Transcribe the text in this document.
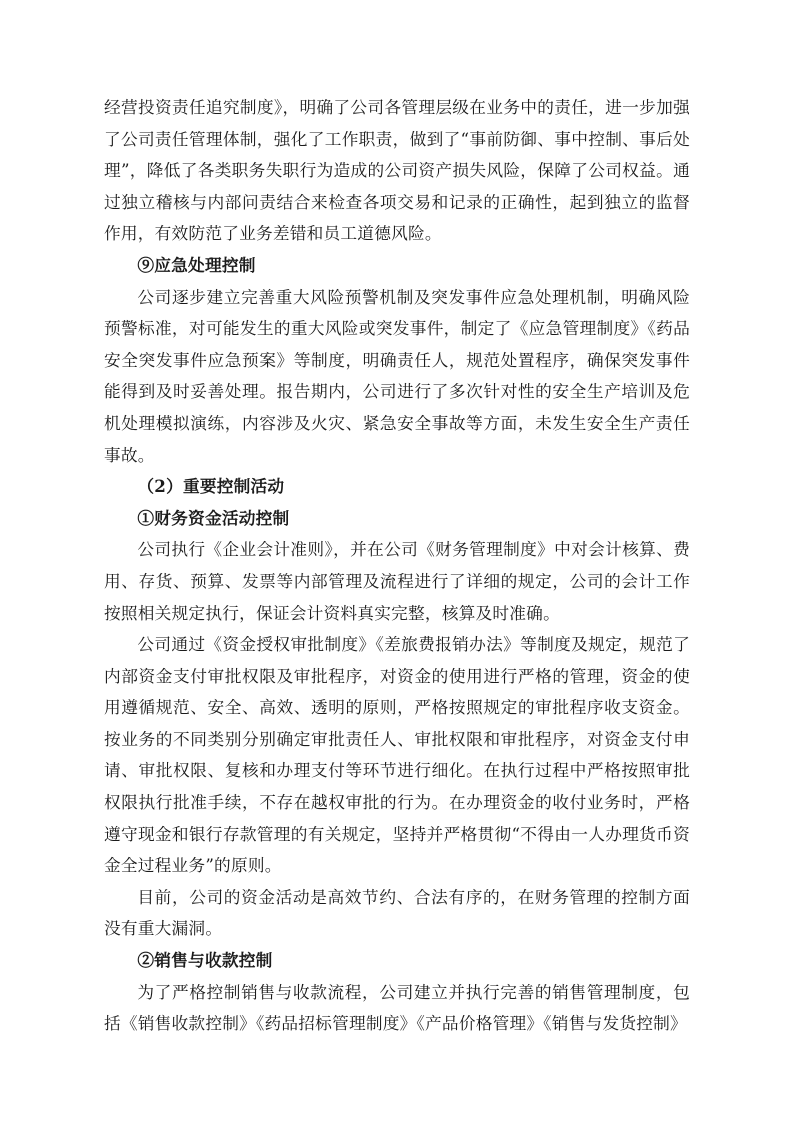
经营投资责任追究制度》，明确了公司各管理层级在业务中的责任，进一步加强了公司责任管理体制，强化了工作职责，做到了“事前防御、事中控制、事后处理”，降低了各类职务失职行为造成的公司资产损失风险，保障了公司权益。通过独立稽核与内部问责结合来检查各项交易和记录的正确性，起到独立的监督作用，有效防范了业务差错和员工道德风险。

⑨应急处理控制

公司逐步建立完善重大风险预警机制及突发事件应急处理机制，明确风险预警标准，对可能发生的重大风险或突发事件，制定了《应急管理制度》《药品安全突发事件应急预案》等制度，明确责任人，规范处置程序，确保突发事件能得到及时妥善处理。报告期内，公司进行了多次针对性的安全生产培训及危机处理模拟演练，内容涉及火灾、紧急安全事故等方面，未发生安全生产责任事故。

（2）重要控制活动

①财务资金活动控制

公司执行《企业会计准则》，并在公司《财务管理制度》中对会计核算、费用、存货、预算、发票等内部管理及流程进行了详细的规定，公司的会计工作按照相关规定执行，保证会计资料真实完整，核算及时准确。

公司通过《资金授权审批制度》《差旅费报销办法》等制度及规定，规范了内部资金支付审批权限及审批程序，对资金的使用进行严格的管理，资金的使用遵循规范、安全、高效、透明的原则，严格按照规定的审批程序收支资金。按业务的不同类别分别确定审批责任人、审批权限和审批程序，对资金支付申请、审批权限、复核和办理支付等环节进行细化。在执行过程中严格按照审批权限执行批准手续，不存在越权审批的行为。在办理资金的收付业务时，严格遵守现金和银行存款管理的有关规定，坚持并严格贯彻“不得由一人办理货币资金全过程业务”的原则。

目前，公司的资金活动是高效节约、合法有序的，在财务管理的控制方面没有重大漏洞。

②销售与收款控制

为了严格控制销售与收款流程，公司建立并执行完善的销售管理制度，包括《销售收款控制》《药品招标管理制度》《产品价格管理》《销售与发货控制》
